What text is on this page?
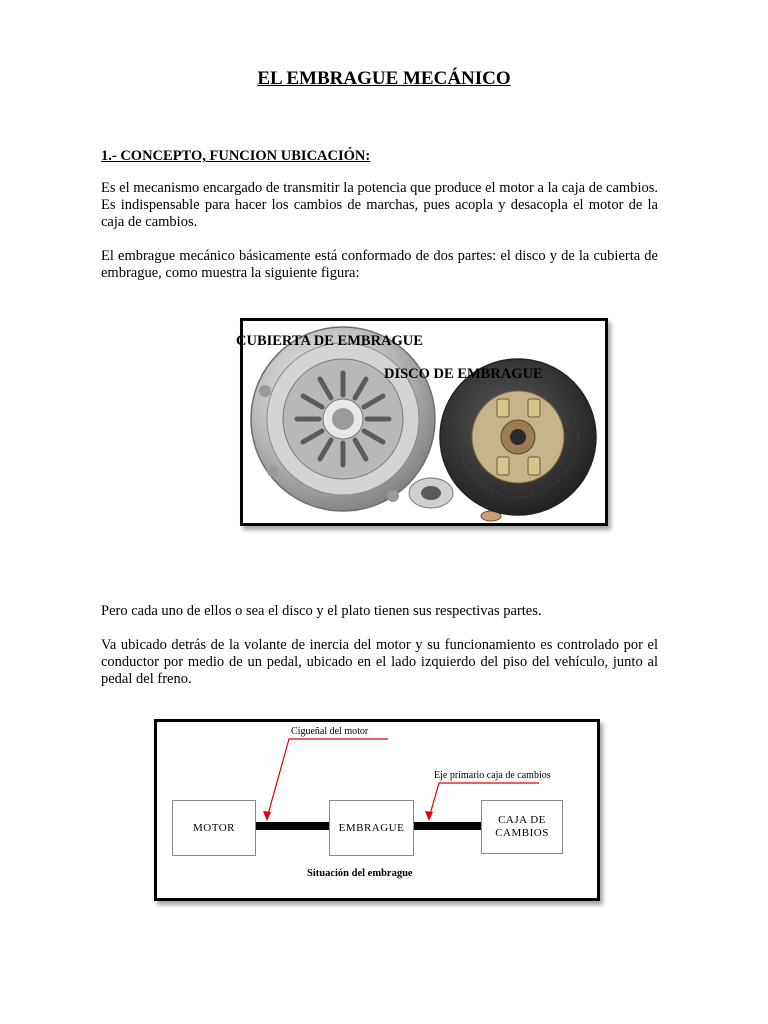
EL EMBRAGUE MECÁNICO
1.- CONCEPTO, FUNCION UBICACIÓN:
Es el mecanismo encargado de transmitir la potencia que produce el motor a la caja de cambios. Es indispensable para hacer los cambios de marchas, pues acopla y desacopla el motor de la caja de cambios.
El embrague mecánico básicamente está conformado de dos partes: el disco y de la cubierta de embrague, como muestra la siguiente figura:
CUBIERTA DE EMBRAGUE
DISCO DE EMBRAGUE
Pero cada uno de ellos o sea el disco y el plato tienen sus respectivas partes.
Va ubicado detrás de la volante de inercia del motor y su funcionamiento es controlado por el conductor por medio de un pedal, ubicado en el lado izquierdo del piso del vehículo, junto al pedal del freno.
MOTOR	EMBRAGUE
CAJA DE CAMBIOS
Cigueñal del motor
Eje primario caja de cambios
Situación del embrague
